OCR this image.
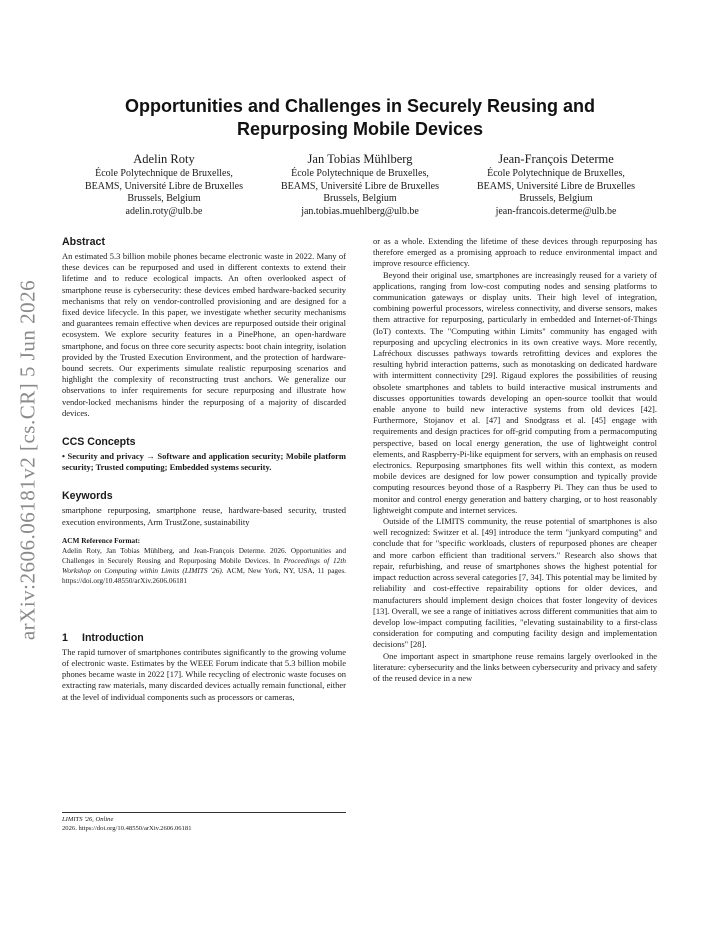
arXiv:2606.06181v2 [cs.CR] 5 Jun 2026
Opportunities and Challenges in Securely Reusing and Repurposing Mobile Devices
Adelin Roty
École Polytechnique de Bruxelles,
BEAMS, Université Libre de Bruxelles
Brussels, Belgium
adelin.roty@ulb.be
Jan Tobias Mühlberg
École Polytechnique de Bruxelles,
BEAMS, Université Libre de Bruxelles
Brussels, Belgium
jan.tobias.muehlberg@ulb.be
Jean-François Determe
École Polytechnique de Bruxelles,
BEAMS, Université Libre de Bruxelles
Brussels, Belgium
jean-francois.determe@ulb.be
Abstract

An estimated 5.3 billion mobile phones became electronic waste in 2022. Many of these devices can be repurposed and used in different contexts to extend their lifetime and to reduce ecological impacts. An often overlooked aspect of smartphone reuse is cybersecurity: these devices embed hardware-backed security mechanisms that rely on vendor-controlled provisioning and are designed for a fixed device lifecycle. In this paper, we investigate whether security mechanisms and guarantees remain effective when devices are repurposed outside their original ecosystem. We explore security features in a PinePhone, an open-hardware smartphone, and focus on three core security aspects: boot chain integrity, isolation provided by the Trusted Execution Environment, and the protection of hardware-bound secrets. Our experiments simulate realistic repurposing scenarios and highlight the complexity of reconstructing trust anchors. We generalize our observations to infer requirements for secure repurposing and illustrate how vendor-locked mechanisms hinder the repurposing of a majority of discarded devices.

CCS Concepts

• Security and privacy → Software and application security; Mobile platform security; Trusted computing; Embedded systems security.

Keywords

smartphone repurposing, smartphone reuse, hardware-based security, trusted execution environments, Arm TrustZone, sustainability

ACM Reference Format:

Adelin Roty, Jan Tobias Mühlberg, and Jean-François Determe. 2026. Opportunities and Challenges in Securely Reusing and Repurposing Mobile Devices. In Proceedings of 12th Workshop on Computing within Limits (LIMITS '26). ACM, New York, NY, USA, 11 pages. https://doi.org/10.48550/arXiv.2606.06181

1 Introduction

The rapid turnover of smartphones contributes significantly to the growing volume of electronic waste. Estimates by the WEEE Forum indicate that 5.3 billion mobile phones became waste in 2022 [17]. While recycling of electronic waste focuses on extracting raw materials, many discarded devices actually remain functional, either at the level of individual components such as processors or cameras,

LIMITS '26, Online
2026. https://doi.org/10.48550/arXiv.2606.06181

or as a whole. Extending the lifetime of these devices through repurposing has therefore emerged as a promising approach to reduce environmental impact and improve resource efficiency.

Beyond their original use, smartphones are increasingly reused for a variety of applications, ranging from low-cost computing nodes and sensing platforms to communication gateways or display units. Their high level of integration, combining powerful processors, wireless connectivity, and diverse sensors, makes them attractive for repurposing, particularly in embedded and Internet-of-Things (IoT) contexts. The "Computing within Limits" community has engaged with repurposing and upcycling electronics in its own creative ways. More recently, Lafréchoux discusses pathways towards retrofitting devices and explores the resulting hybrid interaction patterns, such as monotasking on dedicated hardware with intermittent connectivity [29]. Rigaud explores the possibilities of reusing obsolete smartphones and tablets to build interactive musical instruments and discusses opportunities towards developing an open-source toolkit that would enable anyone to build new interactive systems from old devices [42]. Furthermore, Stojanov et al. [47] and Snodgrass et al. [45] engage with requirements and design practices for off-grid computing from a permacomputing perspective, based on local energy generation, the use of lightweight control elements, and Raspberry-Pi-like equipment for servers, with an emphasis on reused electronics. Repurposing smartphones fits well within this context, as modern mobile devices are designed for low power consumption and typically provide computing resources beyond those of a Raspberry Pi. They can thus be used to monitor and control energy generation and battery charging, or to host reasonably lightweight compute and internet services.

Outside of the LIMITS community, the reuse potential of smartphones is also well recognized: Switzer et al. [49] introduce the term "junkyard computing" and conclude that for "specific workloads, clusters of repurposed phones are cheaper and more carbon efficient than traditional servers." Research also shows that repair, refurbishing, and reuse of smartphones shows the highest potential for impact reduction across several categories [7, 34]. This potential may be limited by reliability and cost-effective repairability options for older devices, and manufacturers should implement design choices that foster longevity of devices [13]. Overall, we see a range of initiatives across different communities that aim to develop low-impact computing facilities, "elevating sustainability to a first-class consideration for computing and computing facility design and implementation decisions" [28].

One important aspect in smartphone reuse remains largely overlooked in the literature: cybersecurity and the links between cybersecurity and privacy and safety of the reused device in a new
